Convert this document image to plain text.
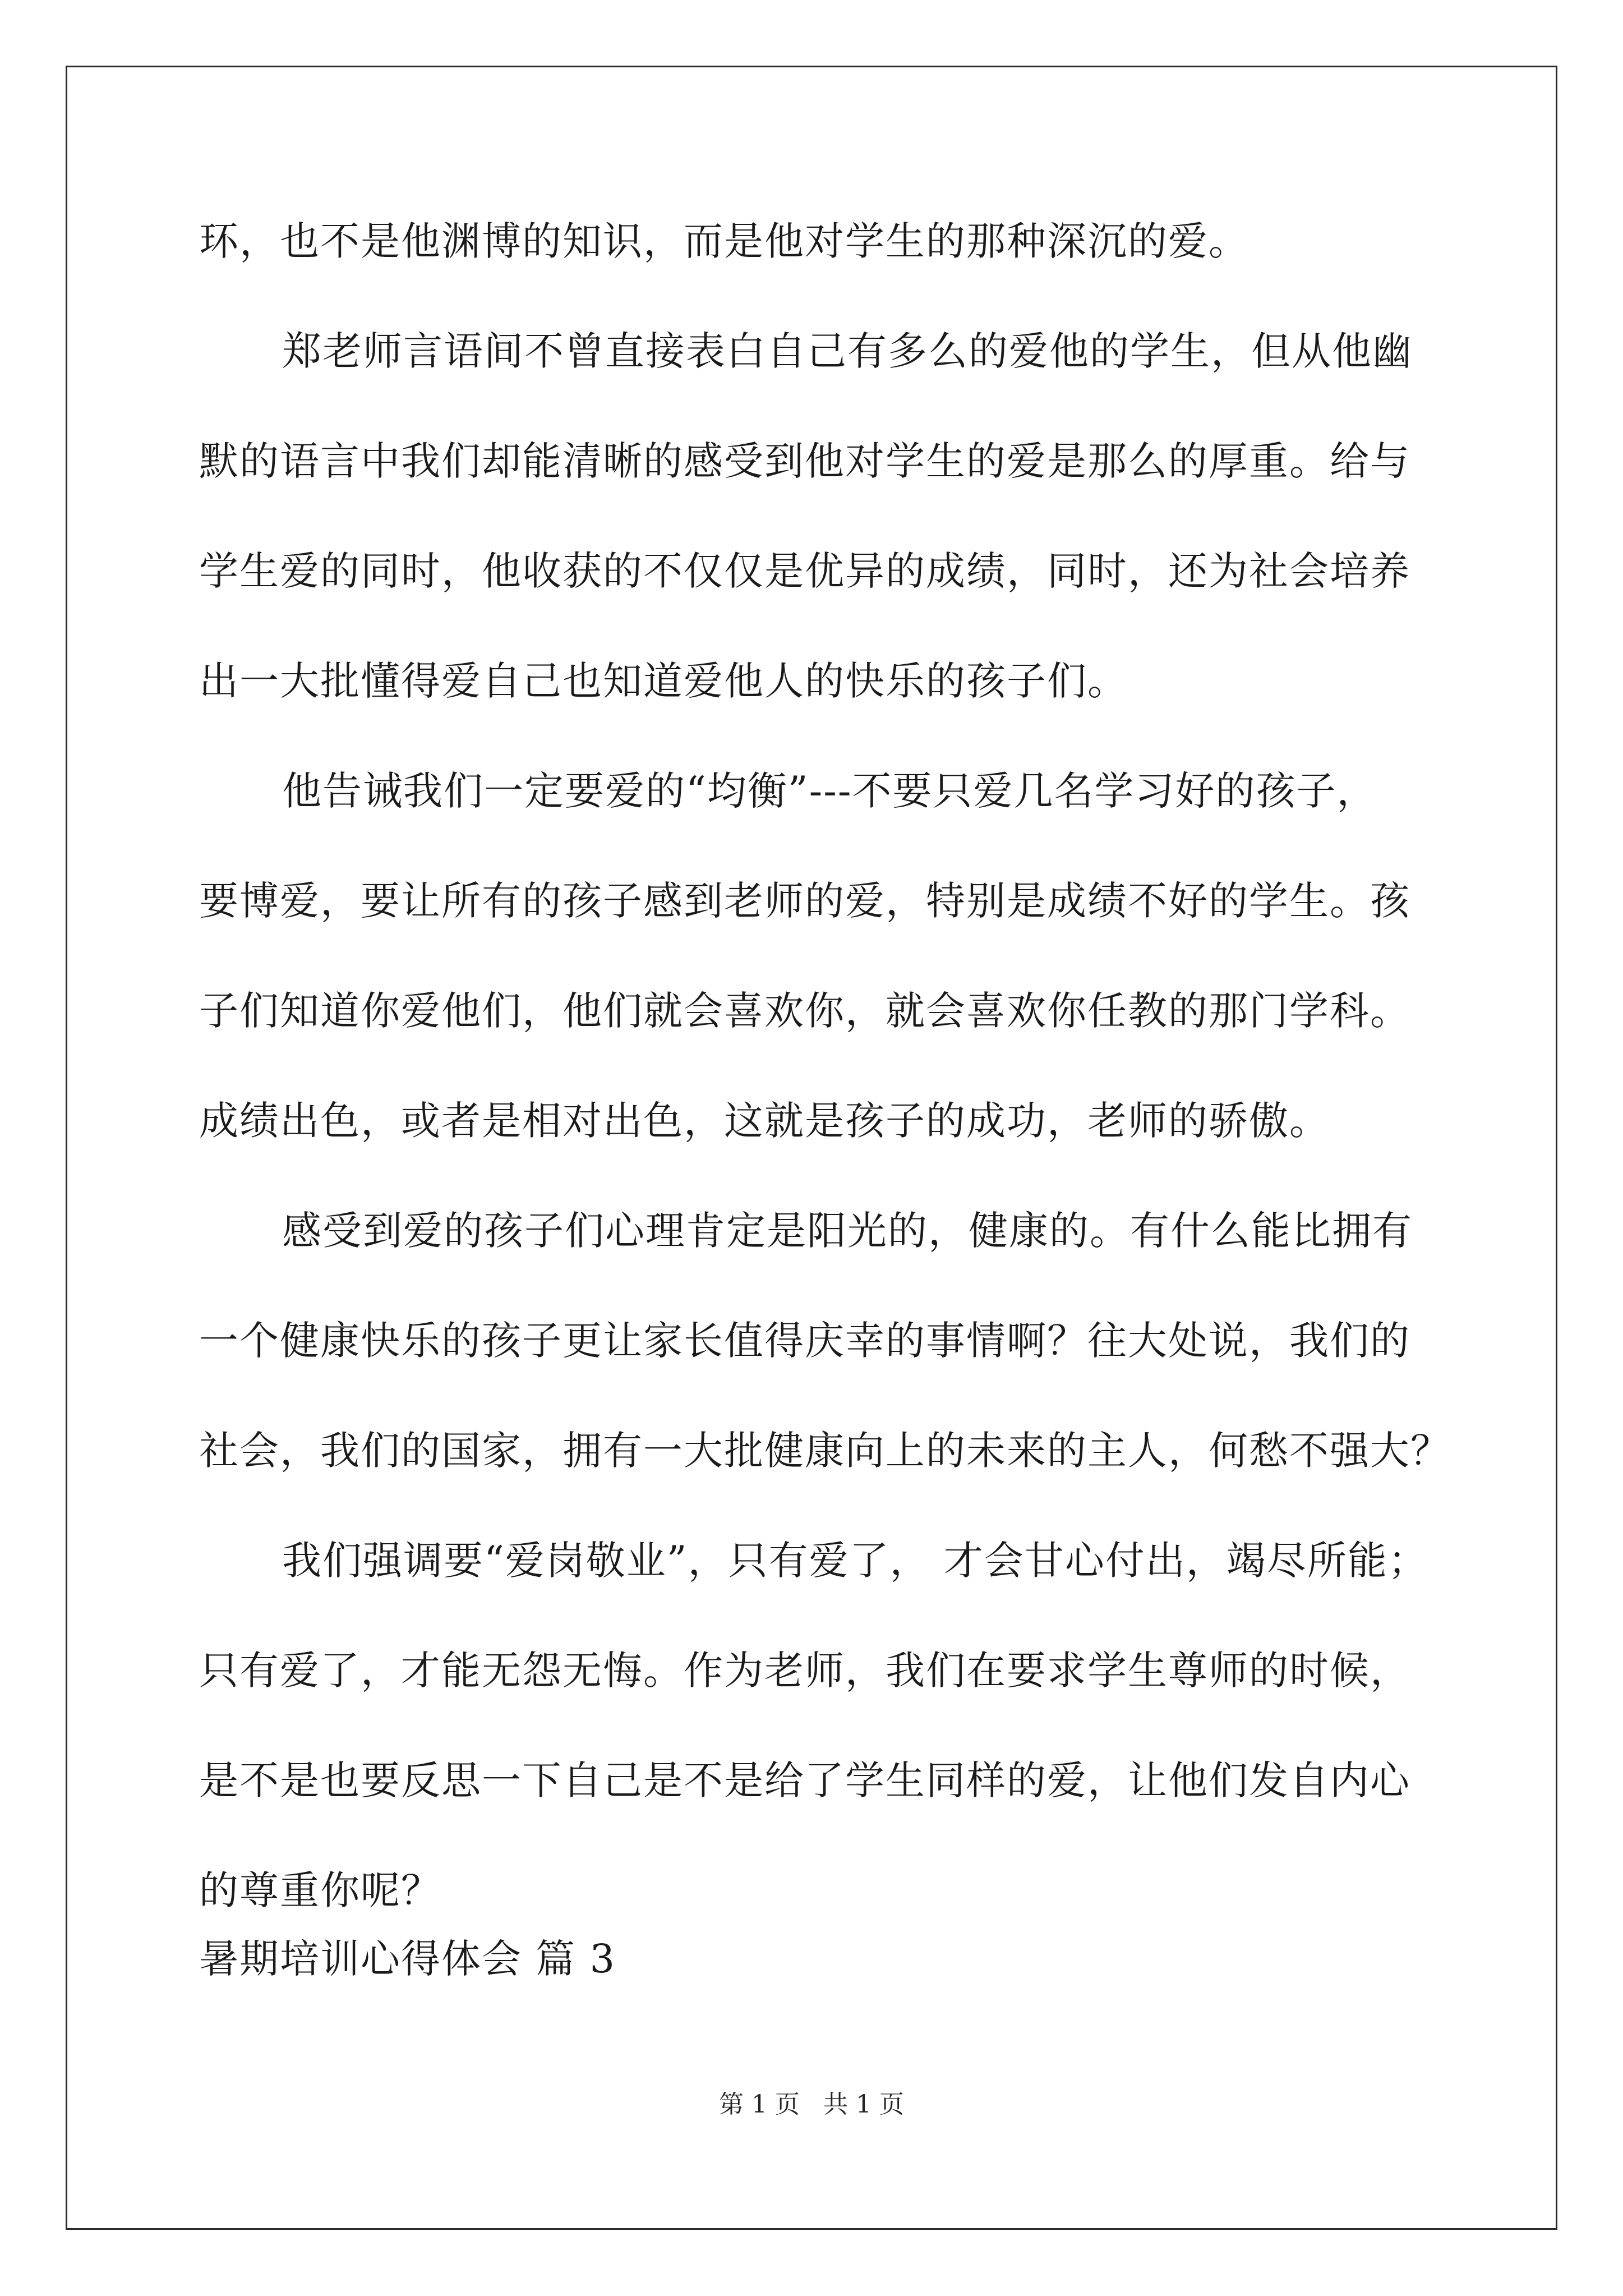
环，也不是他渊博的知识，而是他对学生的那种深沉的爱。
郑老师言语间不曾直接表白自己有多么的爱他的学生，但从他幽
默的语言中我们却能清晰的感受到他对学生的爱是那么的厚重。给与
学生爱的同时，他收获的不仅仅是优异的成绩，同时，还为社会培养
出一大批懂得爱自己也知道爱他人的快乐的孩子们。
他告诫我们一定要爱的“均衡”---不要只爱几名学习好的孩子，
要博爱，要让所有的孩子感到老师的爱，特别是成绩不好的学生。孩
子们知道你爱他们，他们就会喜欢你，就会喜欢你任教的那门学科。
成绩出色，或者是相对出色，这就是孩子的成功，老师的骄傲。
感受到爱的孩子们心理肯定是阳光的，健康的。有什么能比拥有
一个健康快乐的孩子更让家长值得庆幸的事情啊？往大处说，我们的
社会，我们的国家，拥有一大批健康向上的未来的主人，何愁不强大？
我们强调要“爱岗敬业”，只有爱了， 才会甘心付出，竭尽所能；
只有爱了，才能无怨无悔。作为老师，我们在要求学生尊师的时候，
是不是也要反思一下自己是不是给了学生同样的爱，让他们发自内心
的尊重你呢？
暑期培训心得体会 篇 3
第 1 页   共 1 页
